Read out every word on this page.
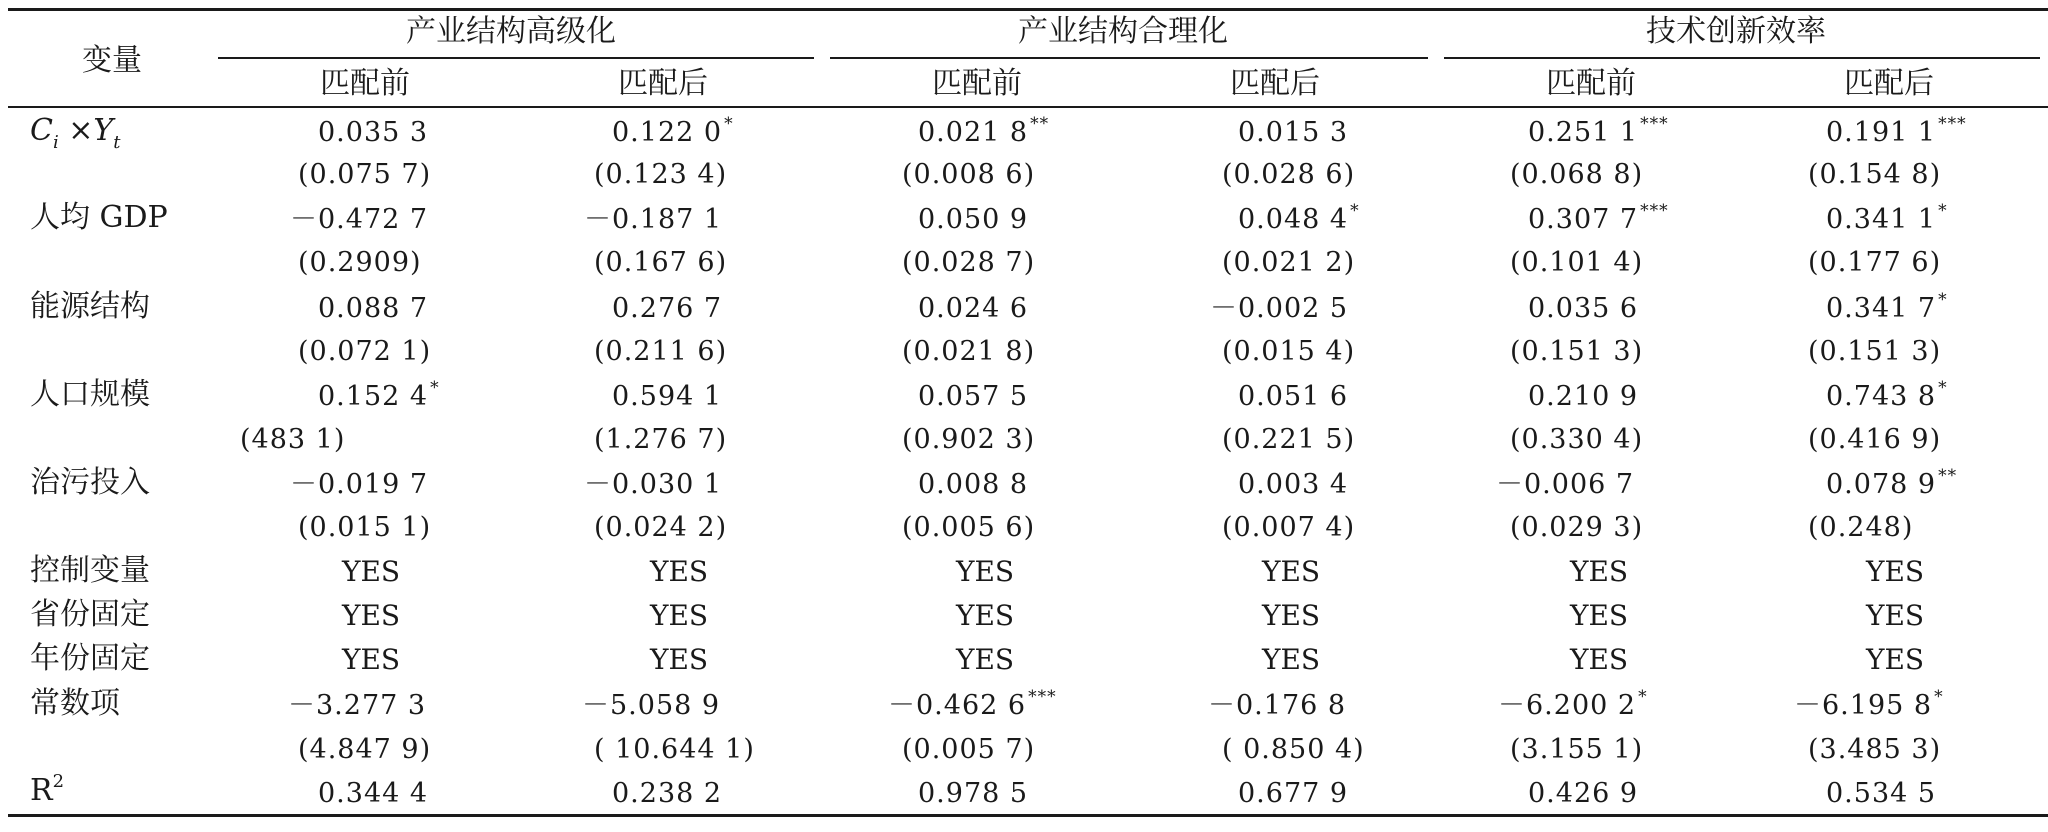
变量
产业结构高级化	产业结构合理化	技术创新效率
匹配前	匹配后	匹配前	匹配后	匹配前	匹配后
$C_i \times Y_t$	0.035 3	0.122 0 *	0.021 8 **	0.015 3	0.251 1 ***	0.191 1 ***
(0.075 7)	(0.123 4)	(0.008 6)	(0.028 6)	(0.068 8)	(0.154 8)
人均 GDP	－0.472 7	－0.187 1	0.050 9	0.048 4 *	0.307 7 ***	0.341 1 *
(0.2909)	(0.167 6)	(0.028 7)	(0.021 2)	(0.101 4)	(0.177 6)
能源结构	0.088 7	0.276 7	0.024 6	－0.002 5	0.035 6	0.341 7 *
(0.072 1)	(0.211 6)	(0.021 8)	(0.015 4)	(0.151 3)	(0.151 3)
人口规模	0.152 4 *	0.594 1	0.057 5	0.051 6	0.210 9	0.743 8 *
(483 1)	(1.276 7)	(0.902 3)	(0.221 5)	(0.330 4)	(0.416 9)
治污投入	－0.019 7	－0.030 1	0.008 8	0.003 4	－0.006 7	0.078 9 **
(0.015 1)	(0.024 2)	(0.005 6)	(0.007 4)	(0.029 3)	(0.248)
控制变量	YES	YES	YES	YES	YES	YES
省份固定	YES	YES	YES	YES	YES	YES
年份固定	YES	YES	YES	YES	YES	YES
常数项	－3.277 3	－5.058 9	－0.462 6 ***	－0.176 8	－6.200 2 *	－6.195 8 *
(4.847 9)	( 10.644 1)	(0.005 7)	( 0.850 4)	(3.155 1)	(3.485 3)
$R^2$	0.344 4	0.238 2	0.978 5	0.677 9	0.426 9	0.534 5
